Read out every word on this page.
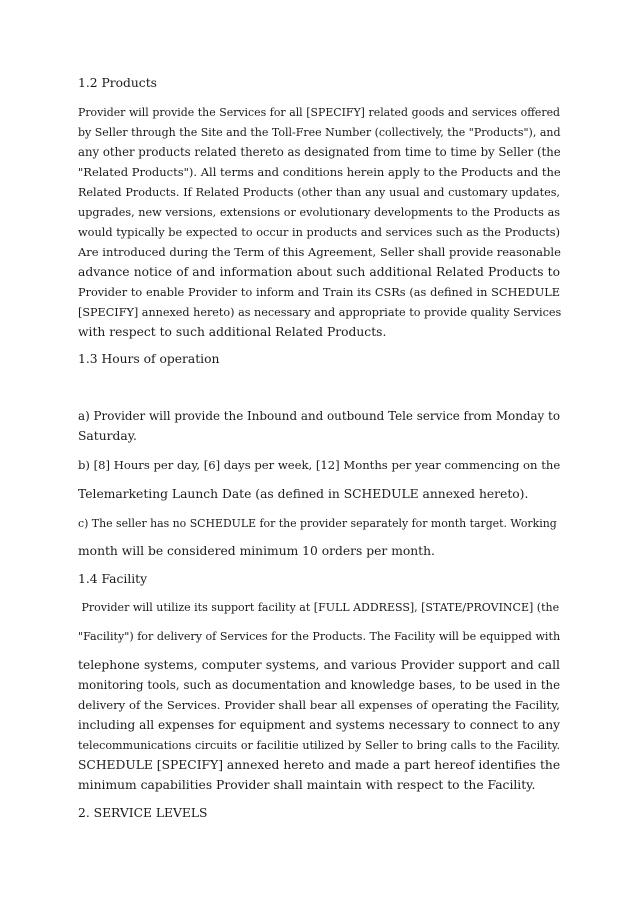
1.2 Products
Provider will provide the Services for all [SPECIFY] related goods and services offered
by Seller through the Site and the Toll-Free Number (collectively, the "Products"), and
any other products related thereto as designated from time to time by Seller (the
"Related Products"). All terms and conditions herein apply to the Products and the
Related Products. If Related Products (other than any usual and customary updates,
upgrades, new versions, extensions or evolutionary developments to the Products as
would typically be expected to occur in products and services such as the Products)
Are introduced during the Term of this Agreement, Seller shall provide reasonable
advance notice of and information about such additional Related Products to
Provider to enable Provider to inform and Train its CSRs (as defined in SCHEDULE
[SPECIFY] annexed hereto) as necessary and appropriate to provide quality Services
with respect to such additional Related Products.
1.3 Hours of operation
a) Provider will provide the Inbound and outbound Tele service from Monday to
Saturday.
b) [8] Hours per day, [6] days per week, [12] Months per year commencing on the
Telemarketing Launch Date (as defined in SCHEDULE annexed hereto).
c) The seller has no SCHEDULE for the provider separately for month target. Working
month will be considered minimum 10 orders per month.
1.4 Facility
Provider will utilize its support facility at [FULL ADDRESS], [STATE/PROVINCE] (the
"Facility") for delivery of Services for the Products. The Facility will be equipped with
telephone systems, computer systems, and various Provider support and call
monitoring tools, such as documentation and knowledge bases, to be used in the
delivery of the Services. Provider shall bear all expenses of operating the Facility,
including all expenses for equipment and systems necessary to connect to any
telecommunications circuits or facilitie utilized by Seller to bring calls to the Facility.
SCHEDULE [SPECIFY] annexed hereto and made a part hereof identifies the
minimum capabilities Provider shall maintain with respect to the Facility.
2. SERVICE LEVELS
